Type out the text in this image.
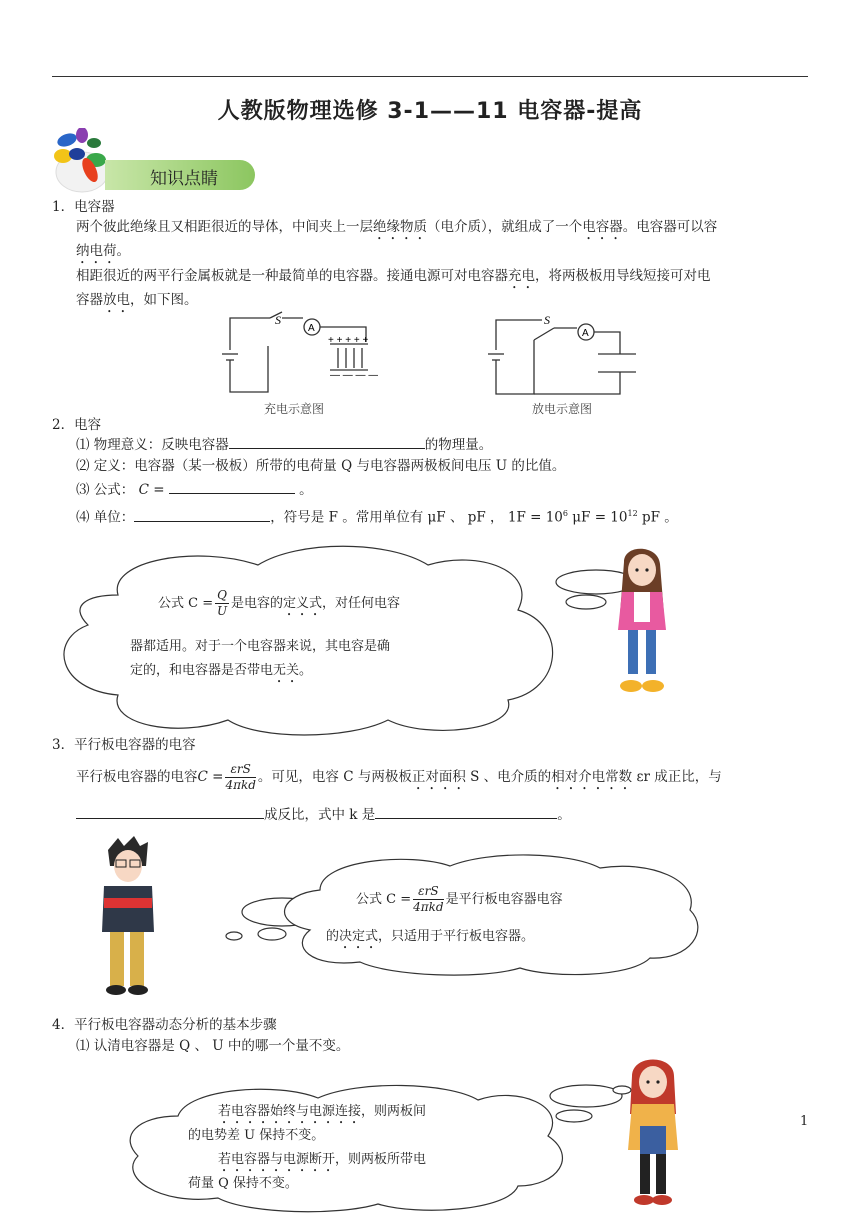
人教版物理选修 3-1——11 电容器-提高
知识点睛
1．电容器
两个彼此绝缘且又相距很近的导体，中间夹上一层绝缘物质（电介质），就组成了一个电容器。电容器可以容
纳电荷。
相距很近的两平行金属板就是一种最简单的电容器。接通电源可对电容器充电，将两极板用导线短接可对电
容器放电，如下图。
S
A
+ + + + +
— — — —
充电示意图
S
A
放电示意图
2．电容
⑴ 物理意义：反映电容器	的物理量。
⑵ 定义：电容器（某一极板）所带的电荷量 Q 与电容器两极板间电压 U 的比值。
⑶ 公式： C =	。
⑷ 单位：	，符号是 F 。常用单位有 μF 、 pF ， $1F = 10^6$ $\mu F = 10^{12}$ pF 。
公式 $C = \frac{Q}{U}$ 是电容的定义式，对任何电容
器都适用。对于一个电容器来说，其电容是确
定的，和电容器是否带电无关。
3．平行板电容器的电容
平行板电容器的电容$C = \frac{\text{εrS}}{\text{4πkd}}$ 。可见，电容 C 与两极板正对面积 S 、电介质的相对介电常数 εr 成正比，与
成反比，式中 k 是	。
公式 $C = \frac{\text{εrS}}{\text{4πkd}}$ 是平行板电容器电容
的决定式，只适用于平行板电容器。
4．平行板电容器动态分析的基本步骤
⑴ 认清电容器是 Q 、 U 中的哪一个量不变。
若电容器始终与电源连接，则两板间
的电势差 U 保持不变。
若电容器与电源断开，则两板所带电
荷量 Q 保持不变。
1
